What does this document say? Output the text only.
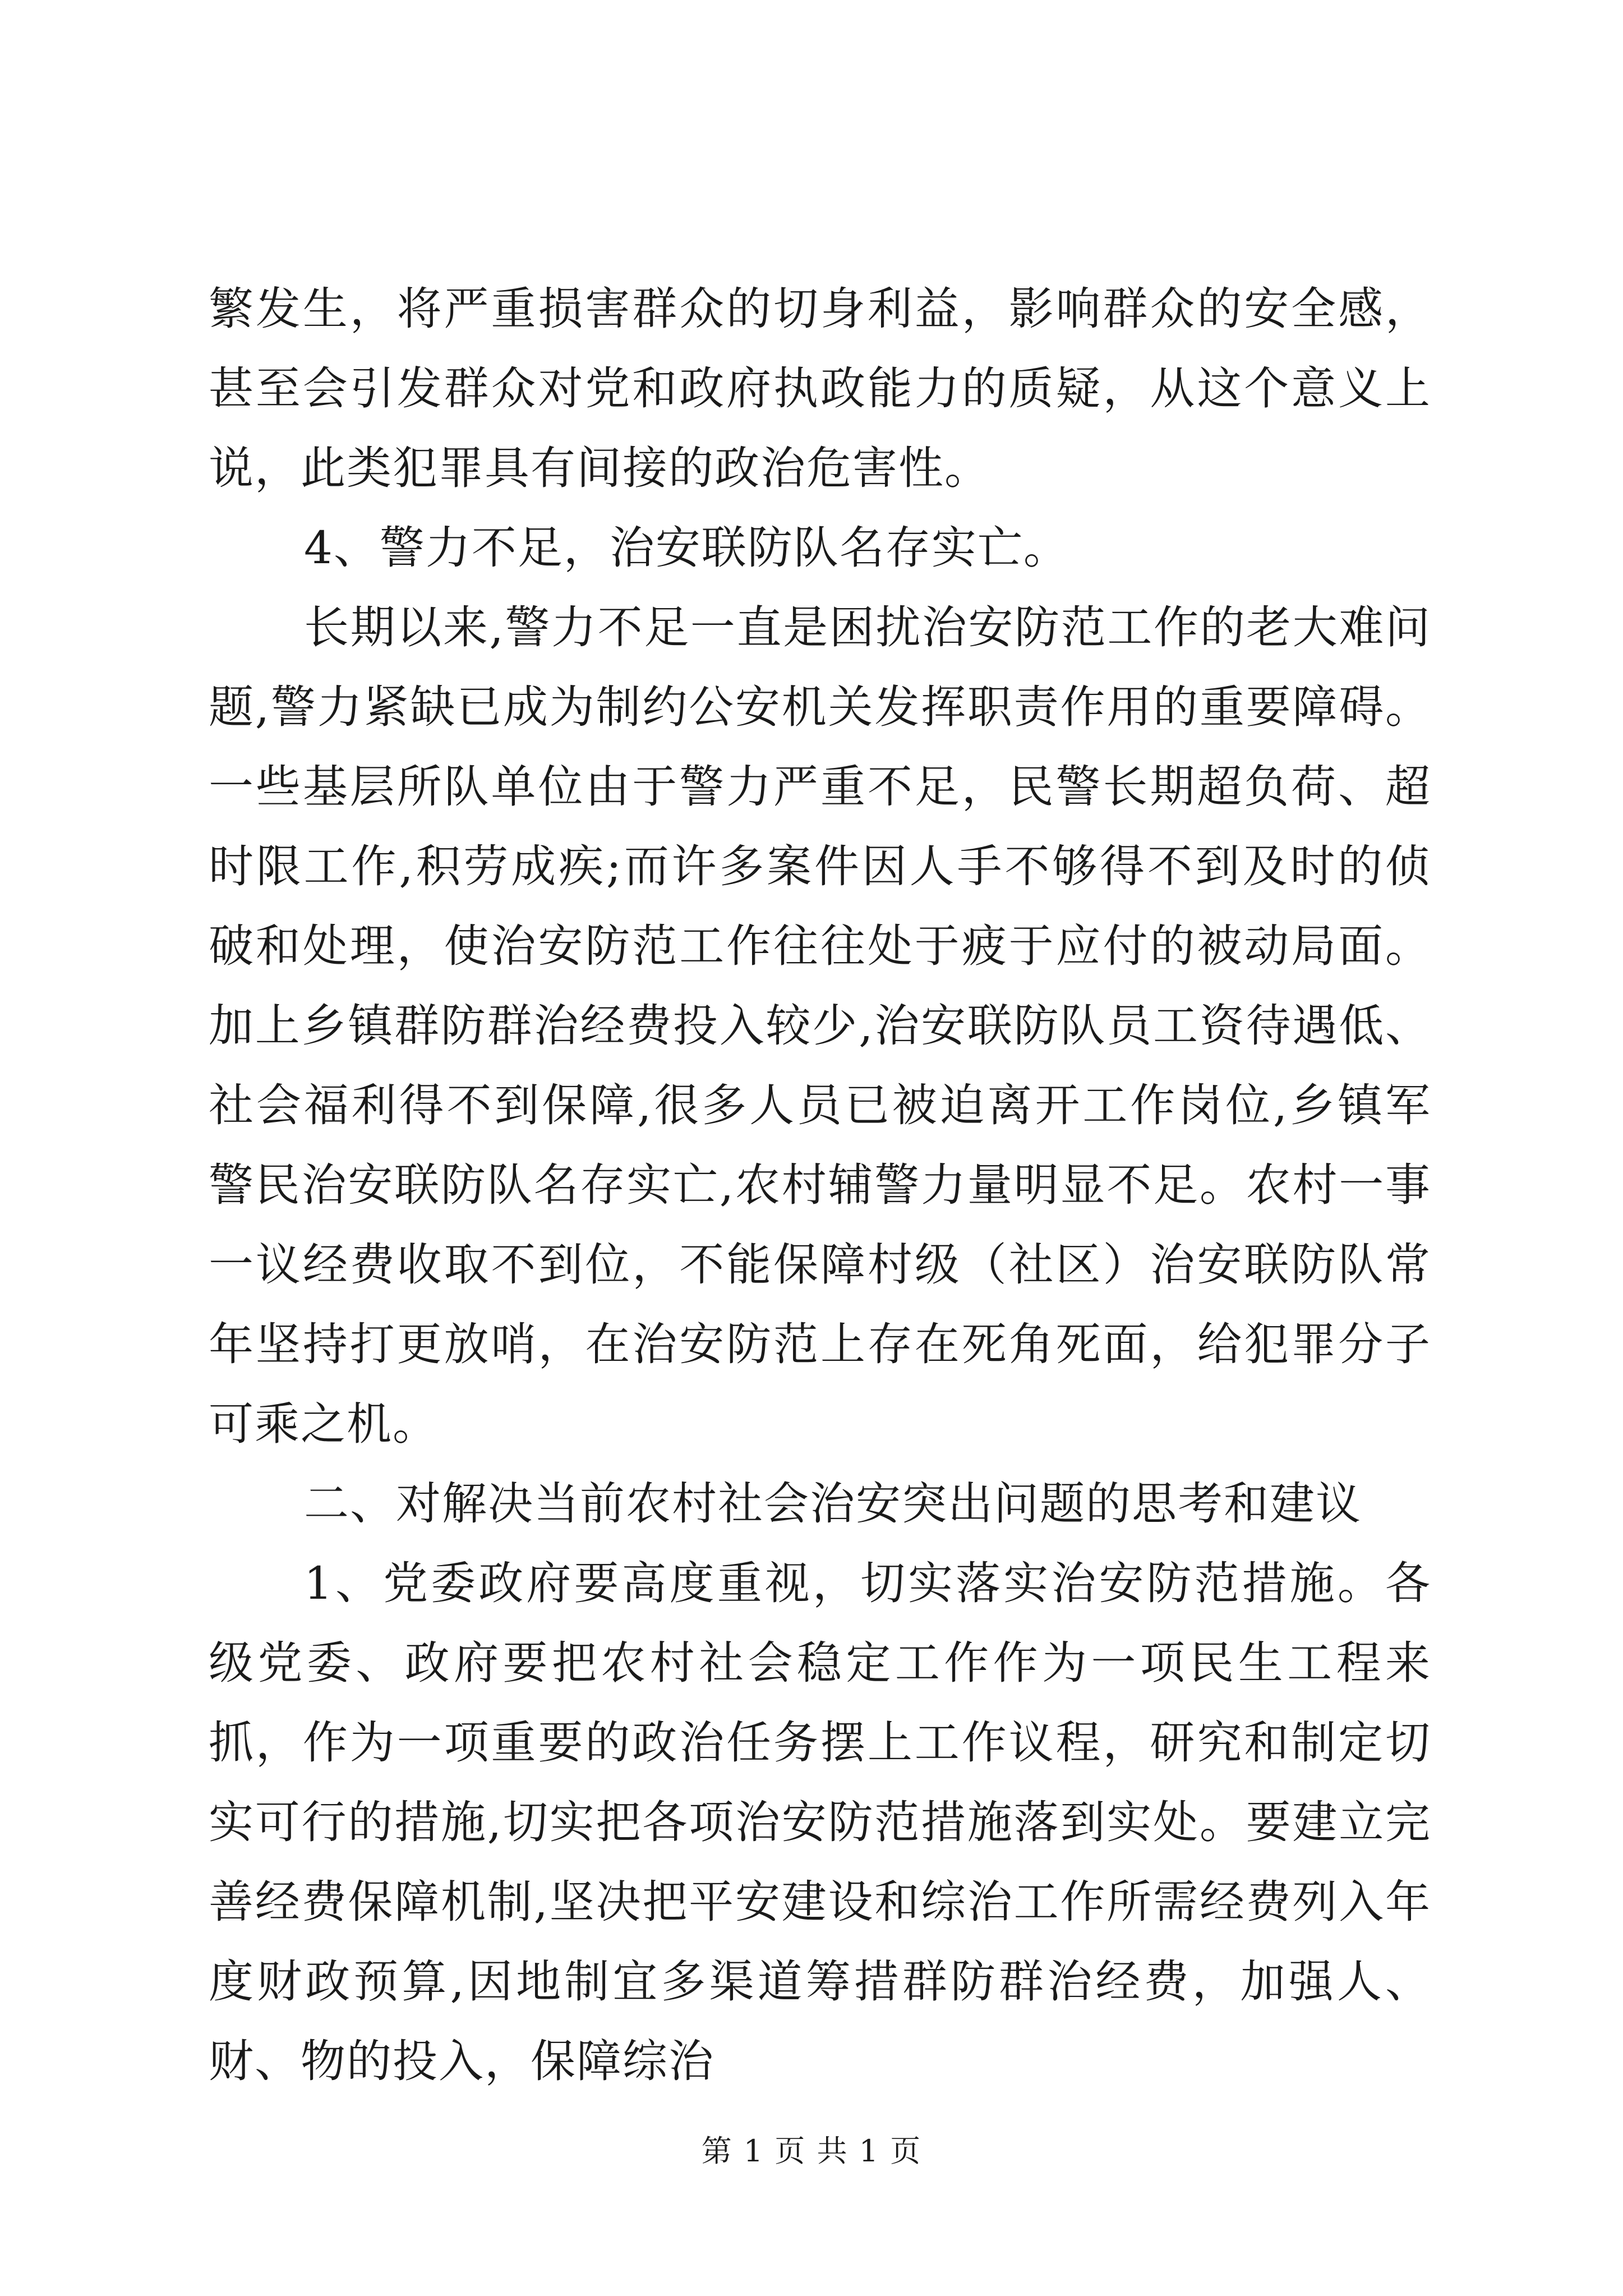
繁发生，将严重损害群众的切身利益，影响群众的安全感，甚至会引发群众对党和政府执政能力的质疑，从这个意义上说，此类犯罪具有间接的政治危害性。

4、警力不足，治安联防队名存实亡。

长期以来,警力不足一直是困扰治安防范工作的老大难问题,警力紧缺已成为制约公安机关发挥职责作用的重要障碍。一些基层所队单位由于警力严重不足，民警长期超负荷、超时限工作,积劳成疾;而许多案件因人手不够得不到及时的侦破和处理，使治安防范工作往往处于疲于应付的被动局面。加上乡镇群防群治经费投入较少,治安联防队员工资待遇低、社会福利得不到保障,很多人员已被迫离开工作岗位,乡镇军警民治安联防队名存实亡,农村辅警力量明显不足。农村一事一议经费收取不到位，不能保障村级（社区）治安联防队常年坚持打更放哨，在治安防范上存在死角死面，给犯罪分子可乘之机。

二、对解决当前农村社会治安突出问题的思考和建议

1、党委政府要高度重视，切实落实治安防范措施。各级党委、政府要把农村社会稳定工作作为一项民生工程来抓，作为一项重要的政治任务摆上工作议程，研究和制定切实可行的措施,切实把各项治安防范措施落到实处。要建立完善经费保障机制,坚决把平安建设和综治工作所需经费列入年度财政预算,因地制宜多渠道筹措群防群治经费，加强人、财、物的投入，保障综治

第 1 页 共 1 页
